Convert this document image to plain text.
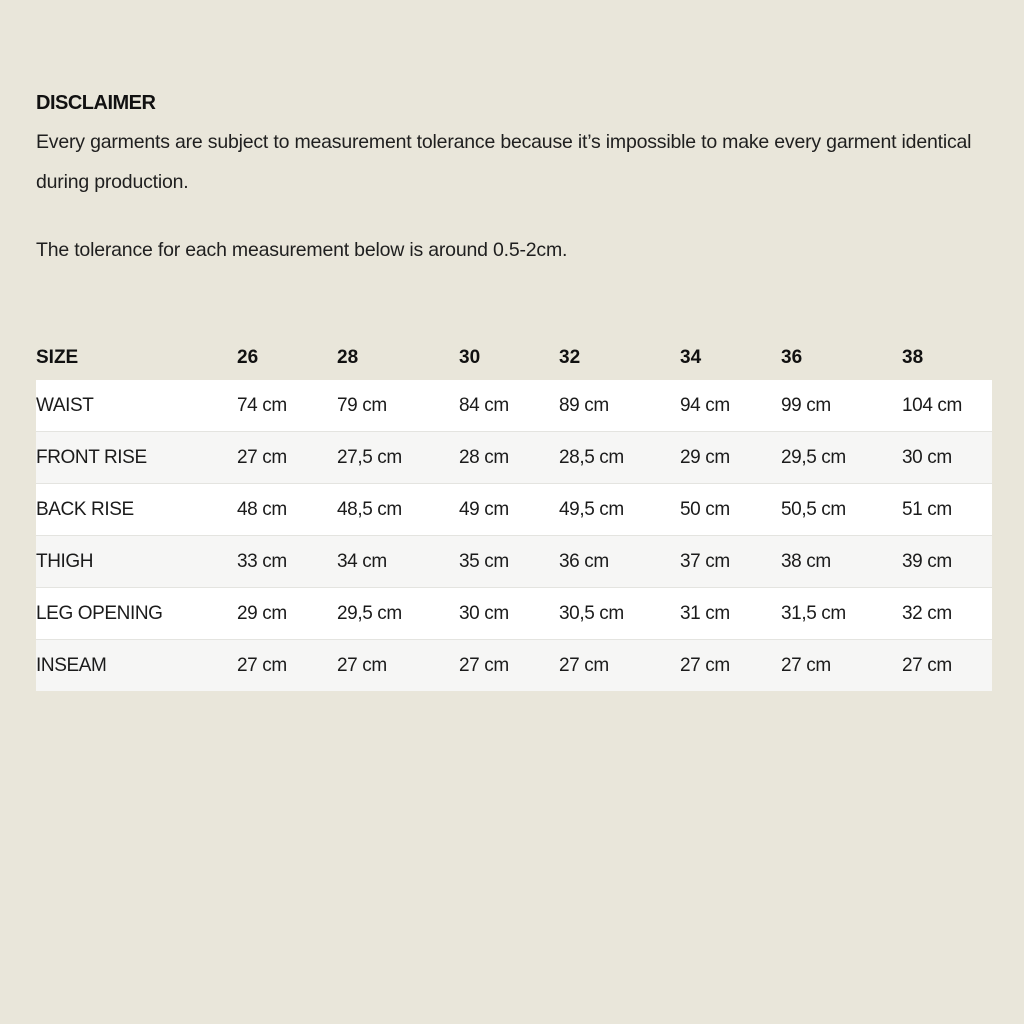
DISCLAIMER
Every garments are subject to measurement tolerance because it’s impossible to make every garment identical during production.
The tolerance for each measurement below is around 0.5-2cm.
SIZE	26	28	30	32	34	36	38
WAIST	74 cm	79 cm	84 cm	89 cm	94 cm	99 cm	104 cm
FRONT RISE	27 cm	27,5 cm	28 cm	28,5 cm	29 cm	29,5 cm	30 cm
BACK RISE	48 cm	48,5 cm	49 cm	49,5 cm	50 cm	50,5 cm	51 cm
THIGH	33 cm	34 cm	35 cm	36 cm	37 cm	38 cm	39 cm
LEG OPENING	29 cm	29,5 cm	30 cm	30,5 cm	31 cm	31,5 cm	32 cm
INSEAM	27 cm	27 cm	27 cm	27 cm	27 cm	27 cm	27 cm
